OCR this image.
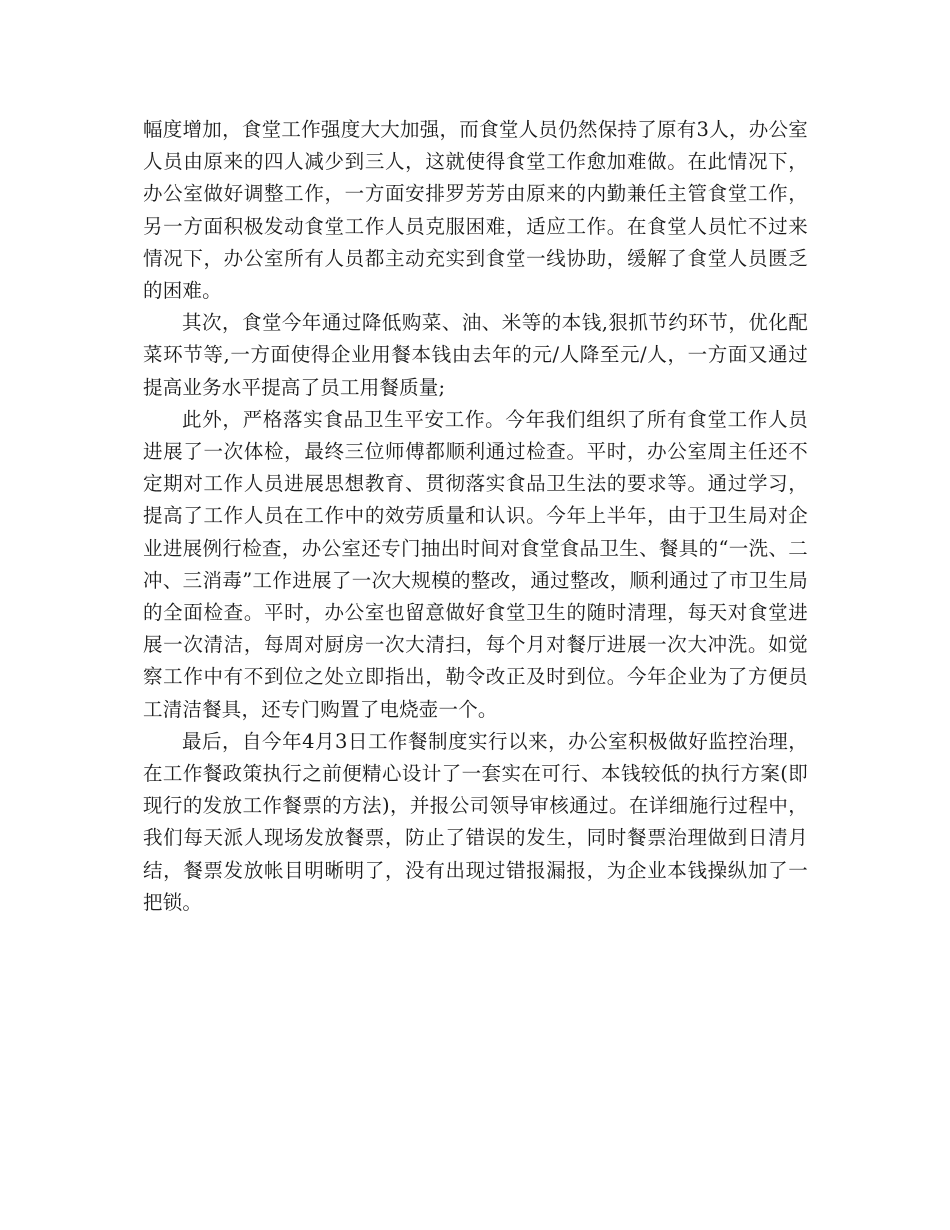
幅度增加，食堂工作强度大大加强，而食堂人员仍然保持了原有3人，办公室人员由原来的四人减少到三人，这就使得食堂工作愈加难做。在此情况下，办公室做好调整工作，一方面安排罗芳芳由原来的内勤兼任主管食堂工作，另一方面积极发动食堂工作人员克服困难，适应工作。在食堂人员忙不过来情况下，办公室所有人员都主动充实到食堂一线协助，缓解了食堂人员匮乏的困难。

其次，食堂今年通过降低购菜、油、米等的本钱,狠抓节约环节，优化配菜环节等,一方面使得企业用餐本钱由去年的元/人降至元/人，一方面又通过提高业务水平提高了员工用餐质量;

此外，严格落实食品卫生平安工作。今年我们组织了所有食堂工作人员进展了一次体检，最终三位师傅都顺利通过检查。平时，办公室周主任还不定期对工作人员进展思想教育、贯彻落实食品卫生法的要求等。通过学习，提高了工作人员在工作中的效劳质量和认识。今年上半年，由于卫生局对企业进展例行检查，办公室还专门抽出时间对食堂食品卫生、餐具的“一洗、二冲、三消毒”工作进展了一次大规模的整改，通过整改，顺利通过了市卫生局的全面检查。平时，办公室也留意做好食堂卫生的随时清理，每天对食堂进展一次清洁，每周对厨房一次大清扫，每个月对餐厅进展一次大冲洗。如觉察工作中有不到位之处立即指出，勒令改正及时到位。今年企业为了方便员工清洁餐具，还专门购置了电烧壶一个。

最后，自今年4月3日工作餐制度实行以来，办公室积极做好监控治理，在工作餐政策执行之前便精心设计了一套实在可行、本钱较低的执行方案(即现行的发放工作餐票的方法)，并报公司领导审核通过。在详细施行过程中，我们每天派人现场发放餐票，防止了错误的发生，同时餐票治理做到日清月结，餐票发放帐目明晰明了，没有出现过错报漏报，为企业本钱操纵加了一把锁。
